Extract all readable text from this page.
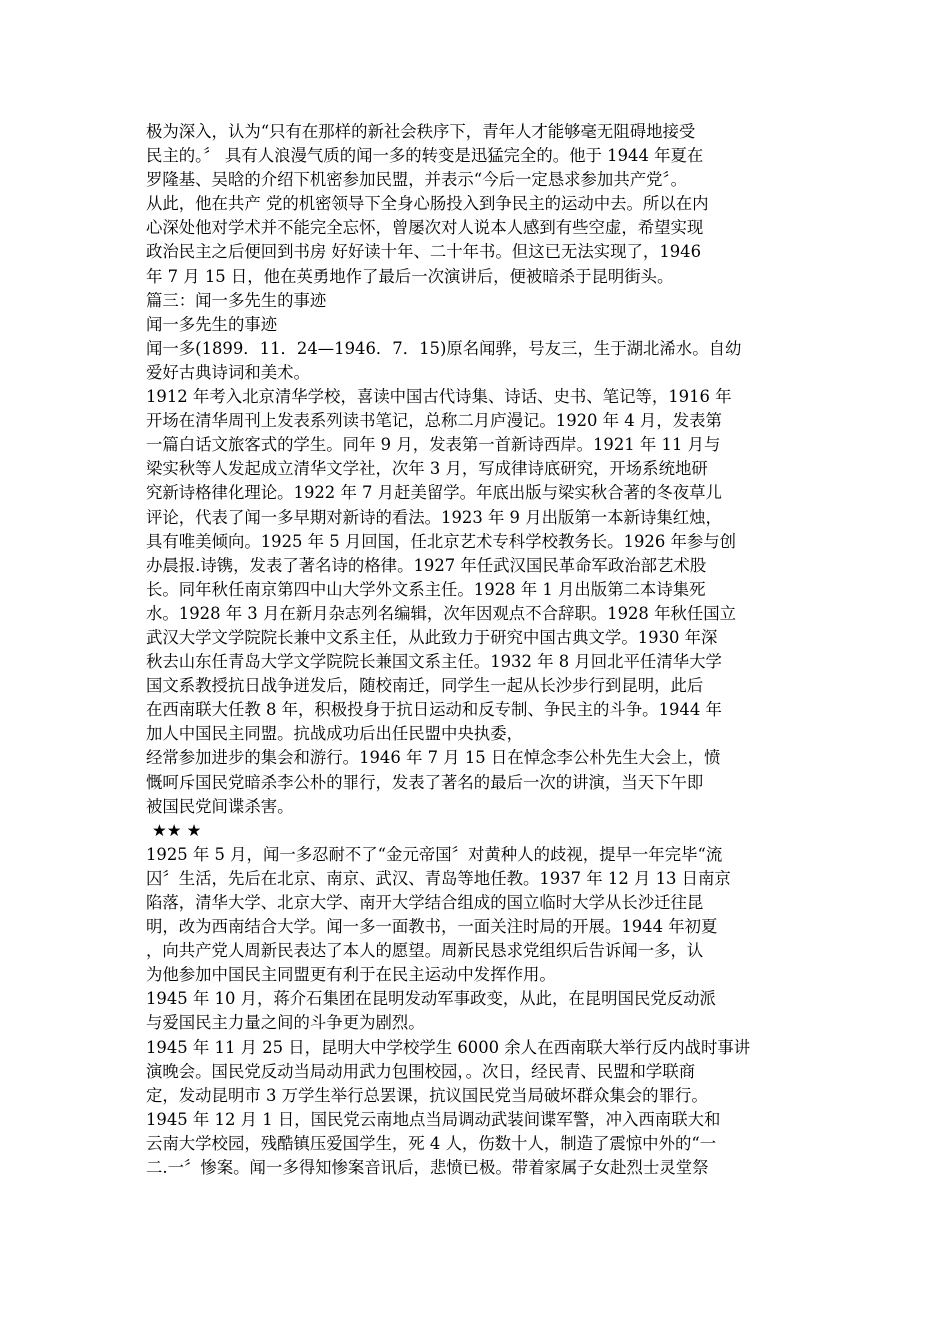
极为深入，认为“只有在那样的新社会秩序下，青年人才能够毫无阻碍地接受
民主的。〞 具有人浪漫气质的闻一多的转变是迅猛完全的。他于 1944 年夏在
罗隆基、吴晗的介绍下机密参加民盟，并表示“今后一定恳求参加共产党〞。
从此，他在共产 党的机密领导下全身心肠投入到争民主的运动中去。所以在内
心深处他对学术并不能完全忘怀，曾屡次对人说本人感到有些空虚，希望实现
政治民主之后便回到书房 好好读十年、二十年书。但这已无法实现了，1946
年 7 月 15 日，他在英勇地作了最后一次演讲后，便被暗杀于昆明街头。
篇三：闻一多先生的事迹
闻一多先生的事迹
闻一多(1899．11．24—1946．7．15)原名闻骅，号友三，生于湖北浠水。自幼
爱好古典诗词和美术。
1912 年考入北京清华学校，喜读中国古代诗集、诗话、史书、笔记等，1916 年
开场在清华周刊上发表系列读书笔记，总称二月庐漫记。1920 年 4 月，发表第
一篇白话文旅客式的学生。同年 9 月，发表第一首新诗西岸。1921 年 11 月与
梁实秋等人发起成立清华文学社，次年 3 月，写成律诗底研究，开场系统地研
究新诗格律化理论。1922 年 7 月赶美留学。年底出版与梁实秋合著的冬夜草儿
评论，代表了闻一多早期对新诗的看法。1923 年 9 月出版第一本新诗集红烛，
具有唯美倾向。1925 年 5 月回国，任北京艺术专科学校教务长。1926 年参与创
办晨报.诗镌，发表了著名诗的格律。1927 年任武汉国民革命军政治部艺术股
长。同年秋任南京第四中山大学外文系主任。1928 年 1 月出版第二本诗集死
水。1928 年 3 月在新月杂志列名编辑，次年因观点不合辞职。1928 年秋任国立
武汉大学文学院院长兼中文系主任，从此致力于研究中国古典文学。1930 年深
秋去山东任青岛大学文学院院长兼国文系主任。1932 年 8 月回北平任清华大学
国文系教授抗日战争迸发后，随校南迁，同学生一起从长沙步行到昆明，此后
在西南联大任教 8 年，积极投身于抗日运动和反专制、争民主的斗争。1944 年
加人中国民主同盟。抗战成功后出任民盟中央执委，
经常参加进步的集会和游行。1946 年 7 月 15 日在悼念李公朴先生大会上，愤
慨呵斥国民党暗杀李公朴的罪行，发表了著名的最后一次的讲演，当天下午即
被国民党间谍杀害。
★★ ★
1925 年 5 月，闻一多忍耐不了“金元帝国〞对黄种人的歧视，提早一年完毕“流
囚〞生活，先后在北京、南京、武汉、青岛等地任教。1937 年 12 月 13 日南京
陷落，清华大学、北京大学、南开大学结合组成的国立临时大学从长沙迁往昆
明，改为西南结合大学。闻一多一面教书，一面关注时局的开展。1944 年初夏
，向共产党人周新民表达了本人的愿望。周新民恳求党组织后告诉闻一多，认
为他参加中国民主同盟更有利于在民主运动中发挥作用。
1945 年 10 月，蒋介石集团在昆明发动军事政变，从此，在昆明国民党反动派
与爱国民主力量之间的斗争更为剧烈。
1945 年 11 月 25 日，昆明大中学校学生 6000 余人在西南联大举行反内战时事讲
演晚会。国民党反动当局动用武力包围校园，。次日，经民青、民盟和学联商
定，发动昆明市 3 万学生举行总罢课，抗议国民党当局破坏群众集会的罪行。
1945 年 12 月 1 日，国民党云南地点当局调动武装间谍军警，冲入西南联大和
云南大学校园，残酷镇压爱国学生，死 4 人，伤数十人，制造了震惊中外的“一
二.一〞惨案。闻一多得知惨案音讯后，悲愤已极。带着家属子女赴烈士灵堂祭
